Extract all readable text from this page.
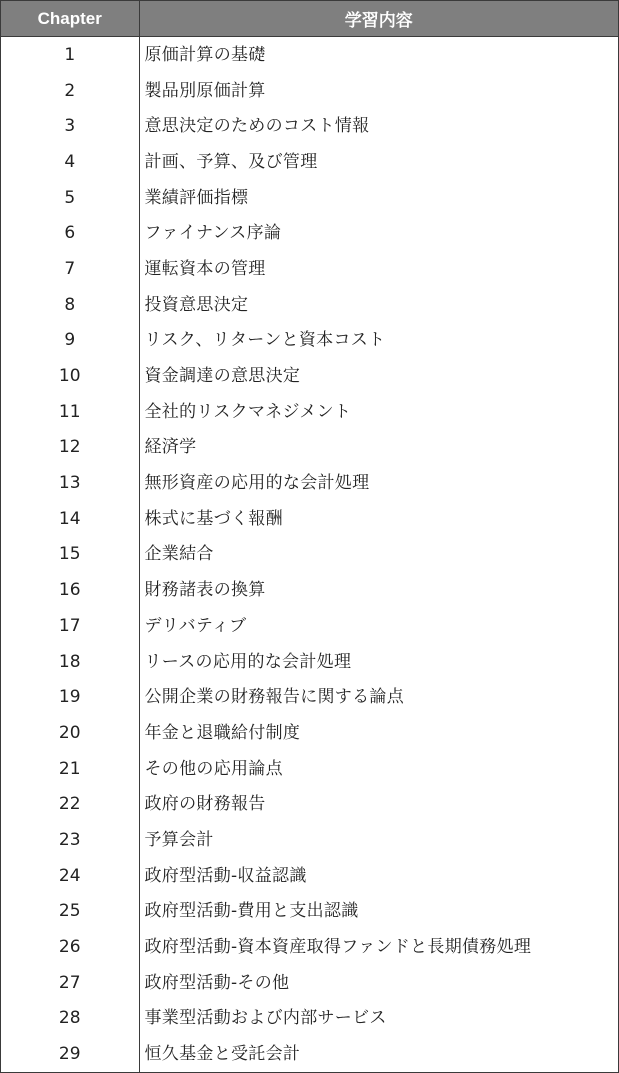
Chapter	学習内容
1	原価計算の基礎
2	製品別原価計算
3	意思決定のためのコスト情報
4	計画、予算、及び管理
5	業績評価指標
6	ファイナンス序論
7	運転資本の管理
8	投資意思決定
9	リスク、リターンと資本コスト
10	資金調達の意思決定
11	全社的リスクマネジメント
12	経済学
13	無形資産の応用的な会計処理
14	株式に基づく報酬
15	企業結合
16	財務諸表の換算
17	デリバティブ
18	リースの応用的な会計処理
19	公開企業の財務報告に関する論点
20	年金と退職給付制度
21	その他の応用論点
22	政府の財務報告
23	予算会計
24	政府型活動-収益認識
25	政府型活動-費用と支出認識
26	政府型活動-資本資産取得ファンドと長期債務処理
27	政府型活動-その他
28	事業型活動および内部サービス
29	恒久基金と受託会計
